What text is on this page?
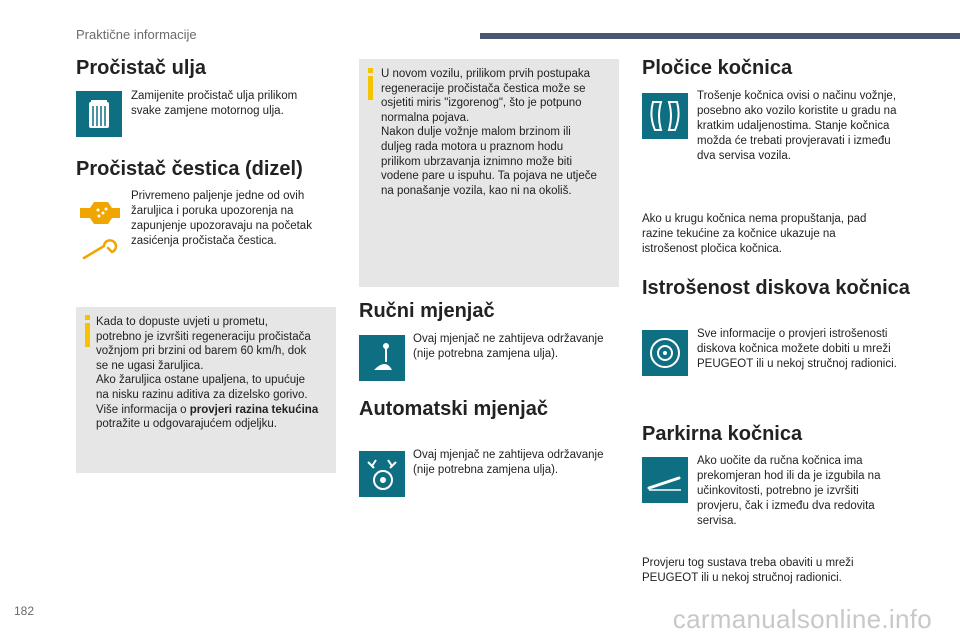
Praktične informacije
Pročistač ulja
Zamijenite pročistač ulja prilikom svake zamjene motornog ulja.
Pročistač čestica (dizel)
Privremeno paljenje jedne od ovih žaruljica i poruka upozorenja na zapunjenje upozoravaju na početak zasićenja pročistača čestica.
Kada to dopuste uvjeti u prometu,
potrebno je izvršiti regeneraciju pročistača
vožnjom pri brzini od barem 60 km/h, dok
se ne ugasi žaruljica.
Ako žaruljica ostane upaljena, to upućuje
na nisku razinu aditiva za dizelsko gorivo.
Više informacija o provjeri razina tekućina potražite u odgovarajućem odjeljku.
U novom vozilu, prilikom prvih postupaka
regeneracije pročistača čestica može se
osjetiti miris "izgorenog", što je potpuno
normalna pojava.
Nakon dulje vožnje malom brzinom ili
duljeg rada motora u praznom hodu
prilikom ubrzavanja iznimno može biti
vodene pare u ispuhu. Ta pojava ne utječe
na ponašanje vozila, kao ni na okoliš.
Ručni mjenjač
Ovaj mjenjač ne zahtijeva održavanje (nije potrebna zamjena ulja).
Automatski mjenjač
Ovaj mjenjač ne zahtijeva održavanje (nije potrebna zamjena ulja).
Pločice kočnica
Trošenje kočnica ovisi o načinu vožnje, posebno ako vozilo koristite u gradu na kratkim udaljenostima. Stanje kočnica možda će trebati provjeravati i između dva servisa vozila.
Ako u krugu kočnica nema propuštanja, pad razine tekućine za kočnice ukazuje na istrošenost pločica kočnica.
Istrošenost diskova kočnica
Sve informacije o provjeri istrošenosti diskova kočnica možete dobiti u mreži PEUGEOT ili u nekoj stručnoj radionici.
Parkirna kočnica
Ako uočite da ručna kočnica ima prekomjeran hod ili da je izgubila na učinkovitosti, potrebno je izvršiti provjeru, čak i između dva redovita servisa.
Provjeru tog sustava treba obaviti u mreži PEUGEOT ili u nekoj stručnoj radionici.
182	carmanualsonline.info
